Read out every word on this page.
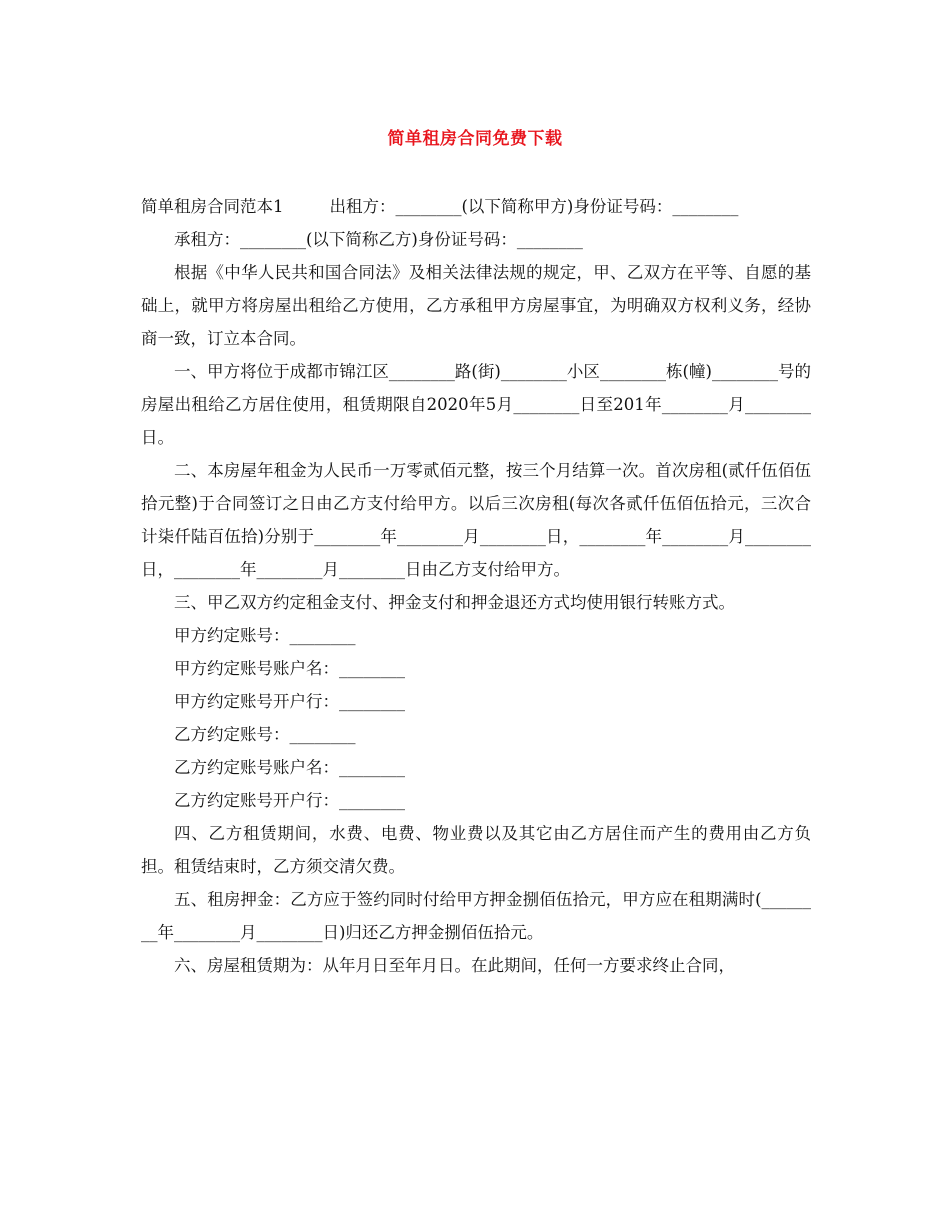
简单租房合同免费下载

简单租房合同范本1	出租方：________(以下简称甲方)身份证号码：________

承租方：________(以下简称乙方)身份证号码：________

根据《中华人民共和国合同法》及相关法律法规的规定，甲、乙双方在平等、自愿的基础上，就甲方将房屋出租给乙方使用，乙方承租甲方房屋事宜，为明确双方权利义务，经协商一致，订立本合同。

一、甲方将位于成都市锦江区________路(街)________小区________栋(幢)________号的房屋出租给乙方居住使用，租赁期限自2020年5月________日至201年________月________日。

二、本房屋年租金为人民币一万零贰佰元整，按三个月结算一次。首次房租(贰仟伍佰伍拾元整)于合同签订之日由乙方支付给甲方。以后三次房租(每次各贰仟伍佰伍拾元，三次合计柒仟陆百伍拾)分别于________年________月________日，________年________月________日，________年________月________日由乙方支付给甲方。

三、甲乙双方约定租金支付、押金支付和押金退还方式均使用银行转账方式。

甲方约定账号：________

甲方约定账号账户名：________

甲方约定账号开户行：________

乙方约定账号：________

乙方约定账号账户名：________

乙方约定账号开户行：________

四、乙方租赁期间，水费、电费、物业费以及其它由乙方居住而产生的费用由乙方负担。租赁结束时，乙方须交清欠费。

五、租房押金：乙方应于签约同时付给甲方押金捌佰伍拾元，甲方应在租期满时(________年________月________日)归还乙方押金捌佰伍拾元。

六、房屋租赁期为：从年月日至年月日。在此期间，任何一方要求终止合同，
